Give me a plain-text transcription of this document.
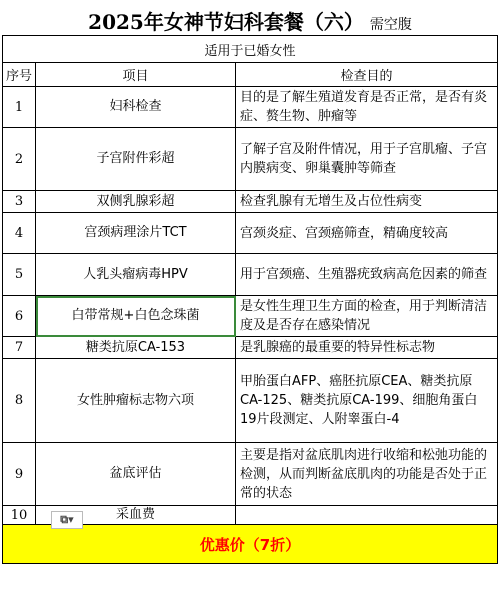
2025年女神节妇科套餐（六） 需空腹		
适用于已婚女性		
序号	项目	检查目的
1	妇科检查	目的是了解生殖道发育是否正常，是否有炎症、赘生物、肿瘤等
2	子宫附件彩超	了解子宫及附件情况，用于子宫肌瘤、子宫内膜病变、卵巢囊肿等筛查
3	双侧乳腺彩超	检查乳腺有无增生及占位性病变
4	宫颈病理涂片TCT	宫颈炎症、宫颈癌筛查，精确度较高
5	人乳头瘤病毒HPV	用于宫颈癌、生殖器疣致病高危因素的筛查
6	白带常规+白色念珠菌	是女性生理卫生方面的检查，用于判断清洁度及是否存在感染情况
7	糖类抗原CA-153	是乳腺癌的最重要的特异性标志物
8	女性肿瘤标志物六项	甲胎蛋白AFP、癌胚抗原CEA、糖类抗原CA-125、糖类抗原CA-199、细胞角蛋白19片段测定、人附睾蛋白-4
9	盆底评估	主要是指对盆底肌肉进行收缩和松弛功能的检测，从而判断盆底肌肉的功能是否处于正常的状态
10	采血费	

⧉▾
优惠价（7折）		
